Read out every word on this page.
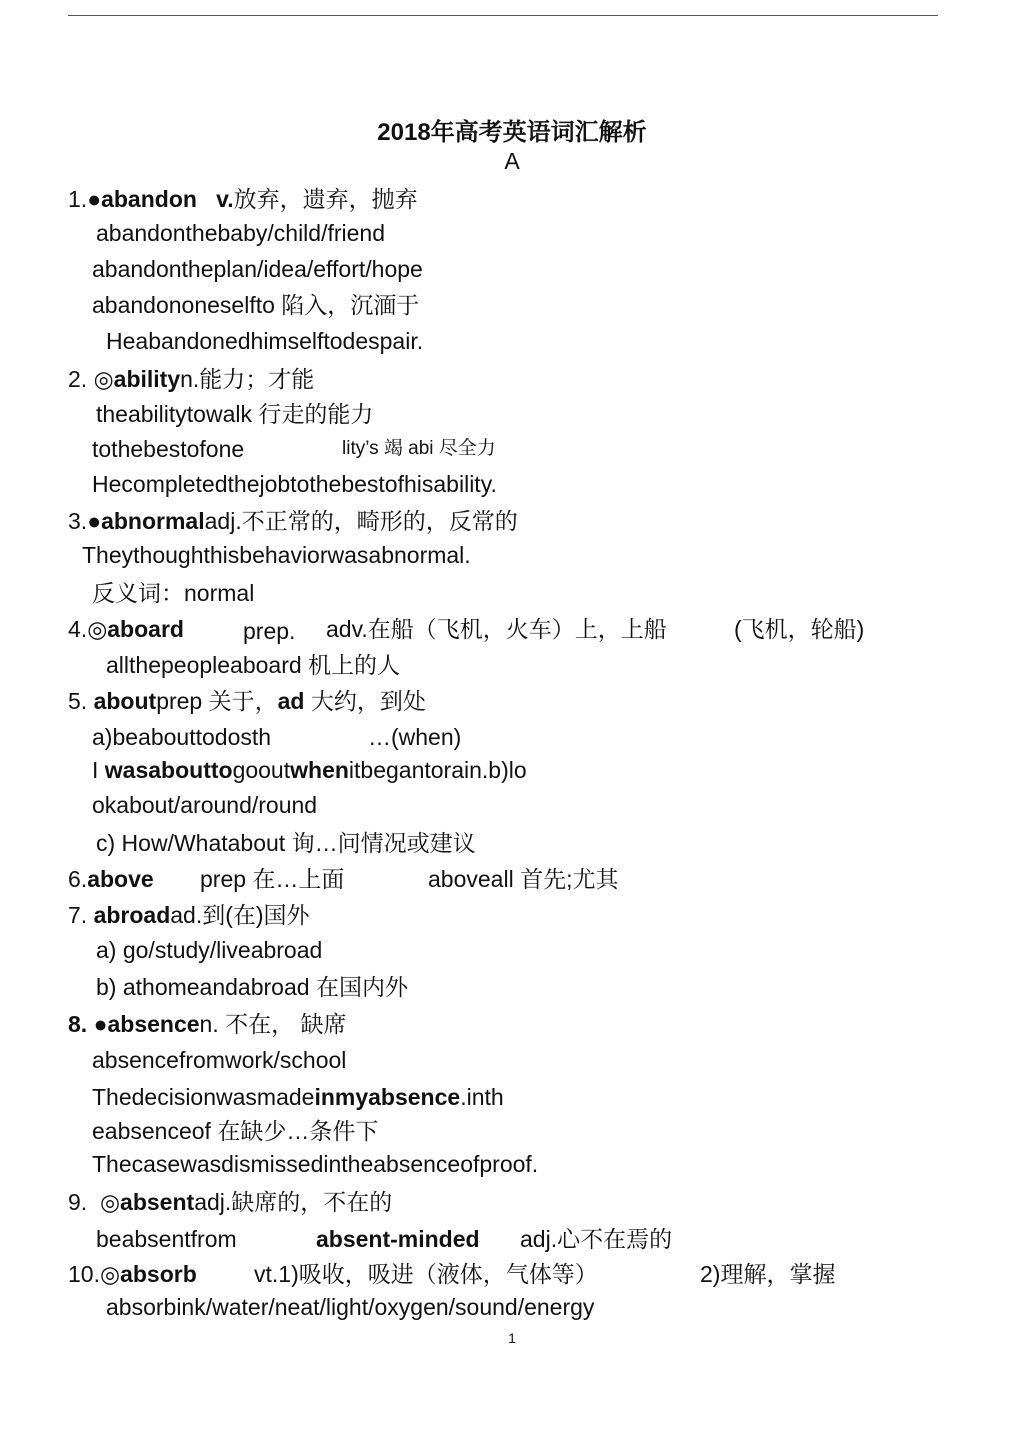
2018年高考英语词汇解析
A
1.●abandon v.放弃，遗弃，抛弃
abandonthebaby/child/friend
abandontheplan/idea/effort/hope
abandononeselfto 陷入，沉湎于
Heabandonedhimselftodespair.
2. ◎abilityn.能力；才能
theabilitytowalk 行走的能力
tothebestofone	lity’s 竭 abi 尽全力
Hecompletedthejobtothebestofhisability.
3.●abnormaladj.不正常的，畸形的，反常的
Theythoughthisbehaviorwasabnormal.
反义词：normal
4.◎aboard	prep. adv.在船（飞机，火车）上，上船	(飞机，轮船)
allthepeopleaboard 机上的人
5. aboutprep 关于，ad 大约，到处
a)beabouttodosth	…(when)
I wasabouttogooutwhenitbegantorain.b)lo
okabout/around/round
c) How/Whatabout 询…问情况或建议
6.above prep 在…上面	aboveall 首先;尤其
7. abroadad.到(在)国外
a) go/study/liveabroad
b) athomeandabroad 在国内外
8. ●absencen. 不在， 缺席
absencefromwork/school
Thedecisionwasmadeinmyabsence.inth
eabsenceof 在缺少…条件下
Thecasewasdismissedintheabsenceofproof.
9. ◎absentadj.缺席的，不在的
beabsentfrom	absent-minded adj.心不在焉的
10.◎absorb vt.1)吸收，吸进（液体，气体等）	2)理解，掌握
absorbink/water/neat/light/oxygen/sound/energy
1
